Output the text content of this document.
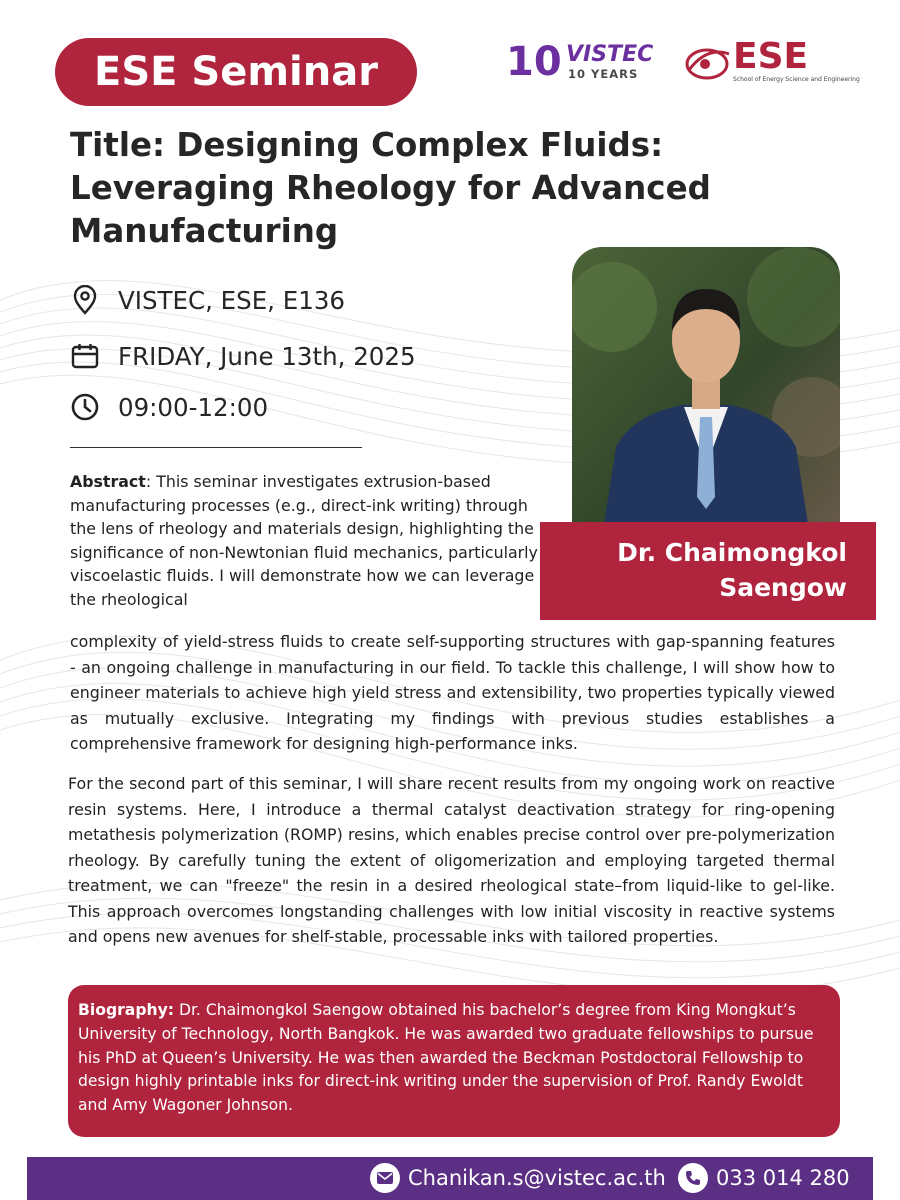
ESE Seminar	10 VISTEC
10 YEARS	ESE
School of Energy Science and Engineering
Title: Designing Complex Fluids: Leveraging Rheology for Advanced Manufacturing
VISTEC, ESE, E136
FRIDAY, June 13th, 2025
09:00-12:00
Dr. Chaimongkol
Saengow
Abstract: This seminar investigates extrusion-based manufacturing processes (e.g., direct-ink writing) through the lens of rheology and materials design, highlighting the significance of non-Newtonian fluid mechanics, particularly viscoelastic fluids. I will demonstrate how we can leverage the rheological
complexity of yield-stress fluids to create self-supporting structures with gap-spanning features - an ongoing challenge in manufacturing in our field. To tackle this challenge, I will show how to engineer materials to achieve high yield stress and extensibility, two properties typically viewed as mutually exclusive. Integrating my findings with previous studies establishes a comprehensive framework for designing high-performance inks.
For the second part of this seminar, I will share recent results from my ongoing work on reactive resin systems. Here, I introduce a thermal catalyst deactivation strategy for ring-opening metathesis polymerization (ROMP) resins, which enables precise control over pre-polymerization rheology. By carefully tuning the extent of oligomerization and employing targeted thermal treatment, we can "freeze" the resin in a desired rheological state–from liquid-like to gel-like. This approach overcomes longstanding challenges with low initial viscosity in reactive systems and opens new avenues for shelf-stable, processable inks with tailored properties.
Biography: Dr. Chaimongkol Saengow obtained his bachelor’s degree from King Mongkut’s University of Technology, North Bangkok. He was awarded two graduate fellowships to pursue his PhD at Queen’s University. He was then awarded the Beckman Postdoctoral Fellowship to design highly printable inks for direct-ink writing under the supervision of Prof. Randy Ewoldt and Amy Wagoner Johnson.
Chanikan.s@vistec.ac.th 033 014 280
